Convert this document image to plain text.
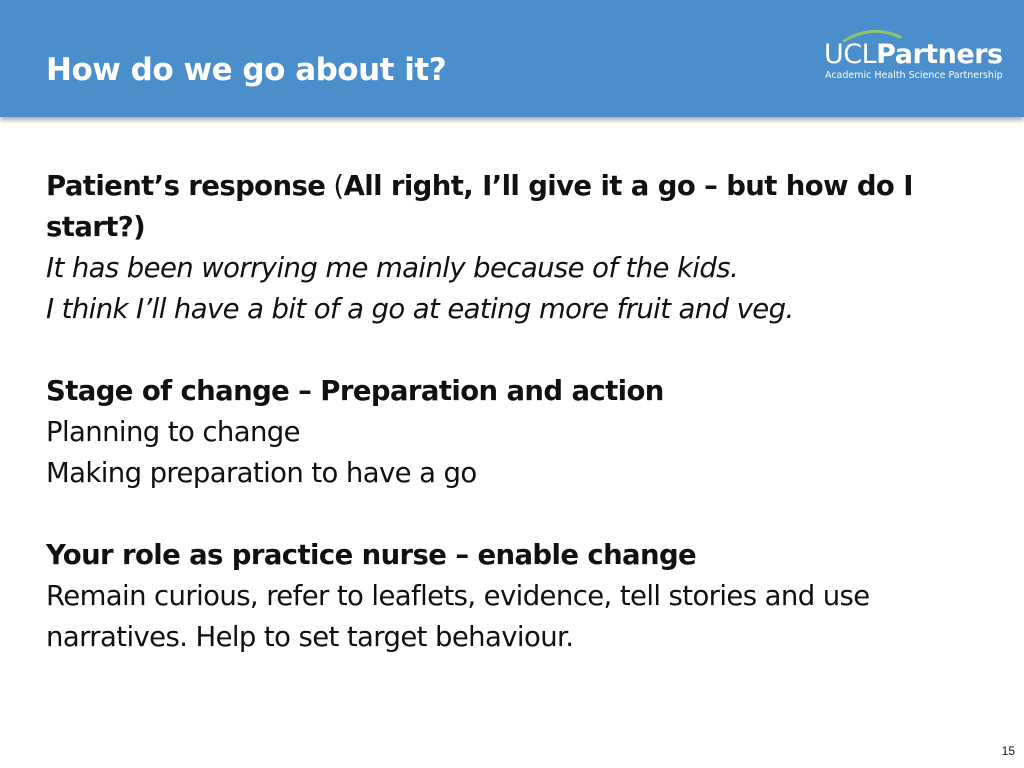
How do we go about it?	UCLPartners
Academic Health Science Partnership

Patient’s response (All right, I’ll give it a go – but how do I start?)

It has been worrying me mainly because of the kids.

I think I’ll have a bit of a go at eating more fruit and veg.

Stage of change – Preparation and action

Planning to change

Making preparation to have a go

Your role as practice nurse – enable change

Remain curious, refer to leaflets, evidence, tell stories and use

narratives. Help to set target behaviour.

15
